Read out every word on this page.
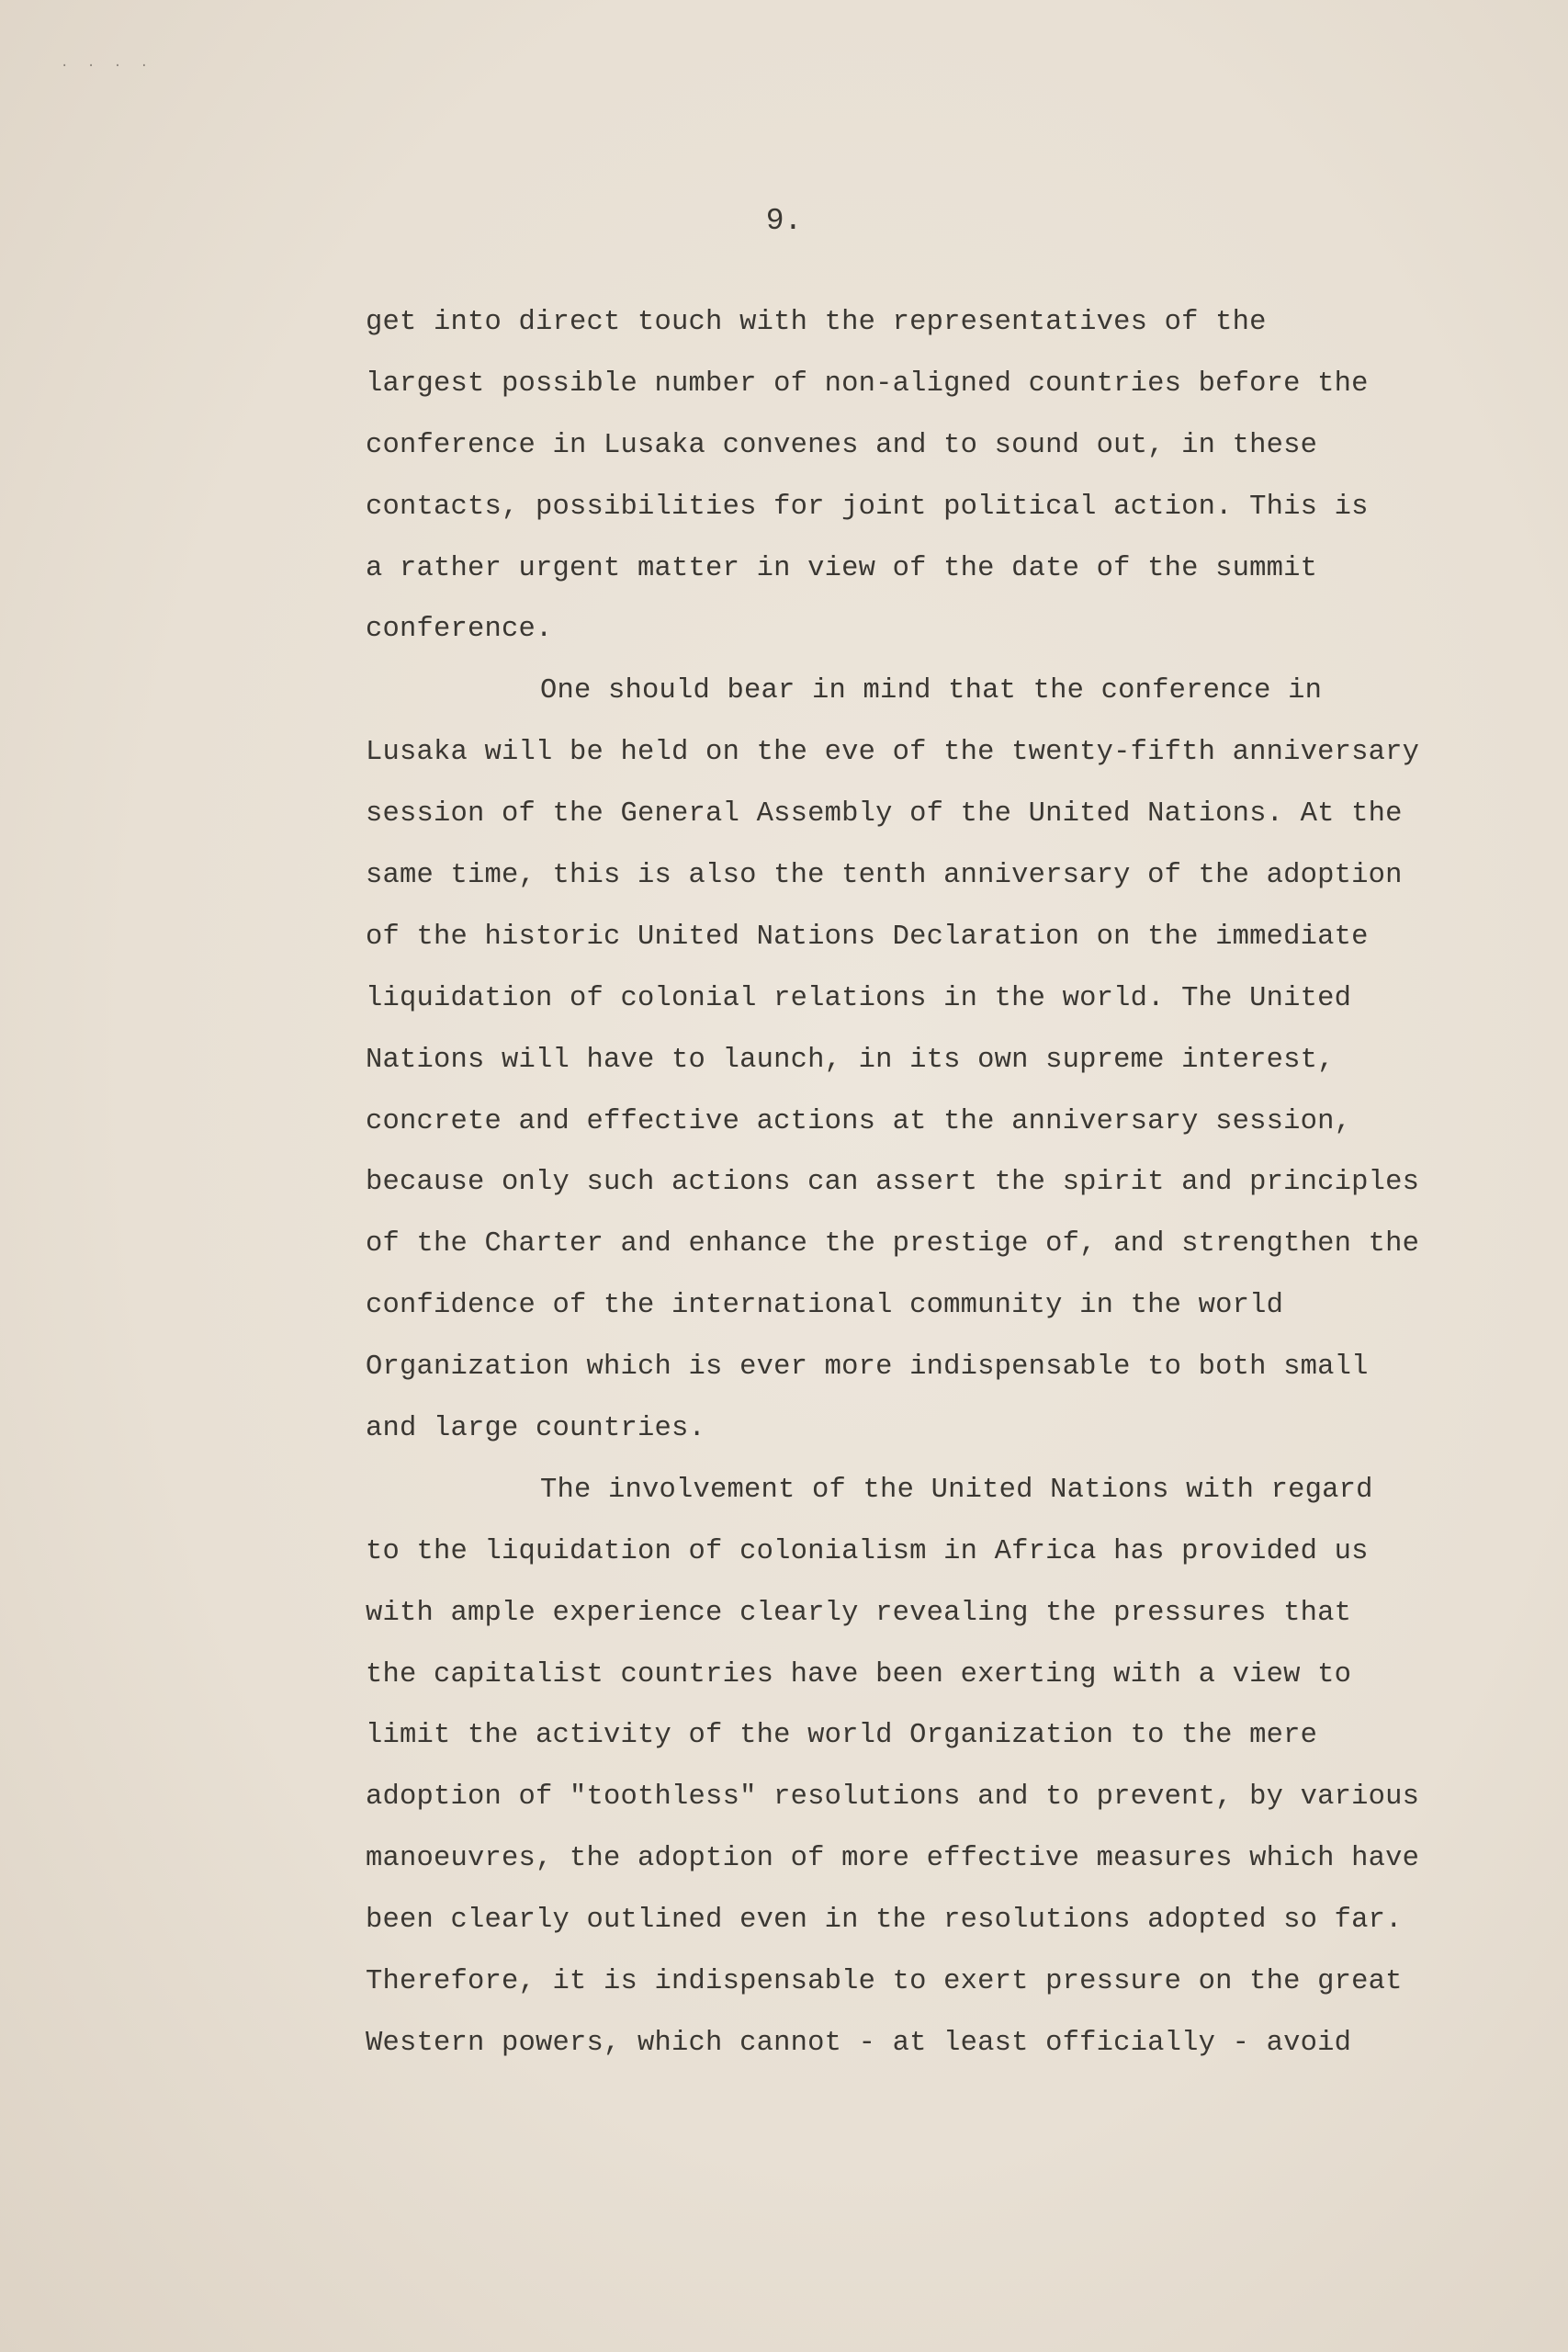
. . . .
9.
get into direct touch with the representatives of the
largest possible number of non-aligned countries before the
conference in Lusaka convenes and to sound out, in these
contacts, possibilities for joint political action. This is
a rather urgent matter in view of the date of the summit
conference.
One should bear in mind that the conference in
Lusaka will be held on the eve of the twenty-fifth anniversary
session of the General Assembly of the United Nations. At the
same time, this is also the tenth anniversary of the adoption
of the historic United Nations Declaration on the immediate
liquidation of colonial relations in the world. The United
Nations will have to launch, in its own supreme interest,
concrete and effective actions at the anniversary session,
because only such actions can assert the spirit and principles
of the Charter and enhance the prestige of, and strengthen the
confidence of the international community in the world
Organization which is ever more indispensable to both small
and large countries.
The involvement of the United Nations with regard
to the liquidation of colonialism in Africa has provided us
with ample experience clearly revealing the pressures that
the capitalist countries have been exerting with a view to
limit the activity of the world Organization to the mere
adoption of "toothless" resolutions and to prevent, by various
manoeuvres, the adoption of more effective measures which have
been clearly outlined even in the resolutions adopted so far.
Therefore, it is indispensable to exert pressure on the great
Western powers, which cannot - at least officially - avoid
